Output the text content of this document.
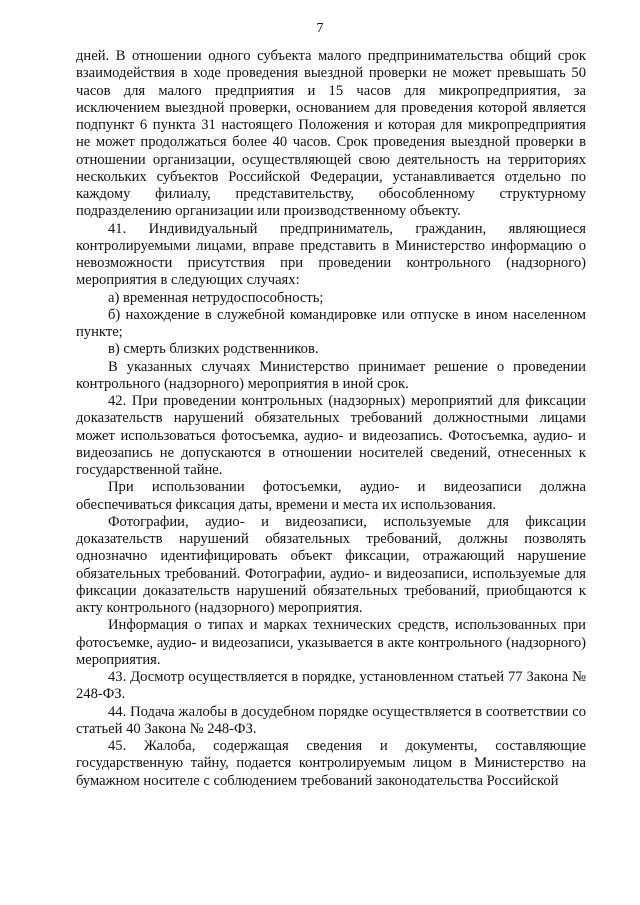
7

дней. В отношении одного субъекта малого предпринимательства общий срок взаимодействия в ходе проведения выездной проверки не может превышать 50 часов для малого предприятия и 15 часов для микропредприятия, за исключением выездной проверки, основанием для проведения которой является подпункт 6 пункта 31 настоящего Положения и которая для микропредприятия не может продолжаться более 40 часов. Срок проведения выездной проверки в отношении организации, осуществляющей свою деятельность на территориях нескольких субъектов Российской Федерации, устанавливается отдельно по каждому филиалу, представительству, обособленному структурному подразделению организации или производственному объекту.

41. Индивидуальный предприниматель, гражданин, являющиеся контролируемыми лицами, вправе представить в Министерство информацию о невозможности присутствия при проведении контрольного (надзорного) мероприятия в следующих случаях:

а) временная нетрудоспособность;

б) нахождение в служебной командировке или отпуске в ином населенном пункте;

в) смерть близких родственников.

В указанных случаях Министерство принимает решение о проведении контрольного (надзорного) мероприятия в иной срок.

42. При проведении контрольных (надзорных) мероприятий для фиксации доказательств нарушений обязательных требований должностными лицами может использоваться фотосъемка, аудио- и видеозапись. Фотосъемка, аудио- и видеозапись не допускаются в отношении носителей сведений, отнесенных к государственной тайне.

При использовании фотосъемки, аудио- и видеозаписи должна обеспечиваться фиксация даты, времени и места их использования.

Фотографии, аудио- и видеозаписи, используемые для фиксации доказательств нарушений обязательных требований, должны позволять однозначно идентифицировать объект фиксации, отражающий нарушение обязательных требований. Фотографии, аудио- и видеозаписи, используемые для фиксации доказательств нарушений обязательных требований, приобщаются к акту контрольного (надзорного) мероприятия.

Информация о типах и марках технических средств, использованных при фотосъемке, аудио- и видеозаписи, указывается в акте контрольного (надзорного) мероприятия.

43. Досмотр осуществляется в порядке, установленном статьей 77 Закона № 248-ФЗ.

44. Подача жалобы в досудебном порядке осуществляется в соответствии со статьей 40 Закона № 248-ФЗ.

45. Жалоба, содержащая сведения и документы, составляющие государственную тайну, подается контролируемым лицом в Министерство на бумажном носителе с соблюдением требований законодательства Российской
